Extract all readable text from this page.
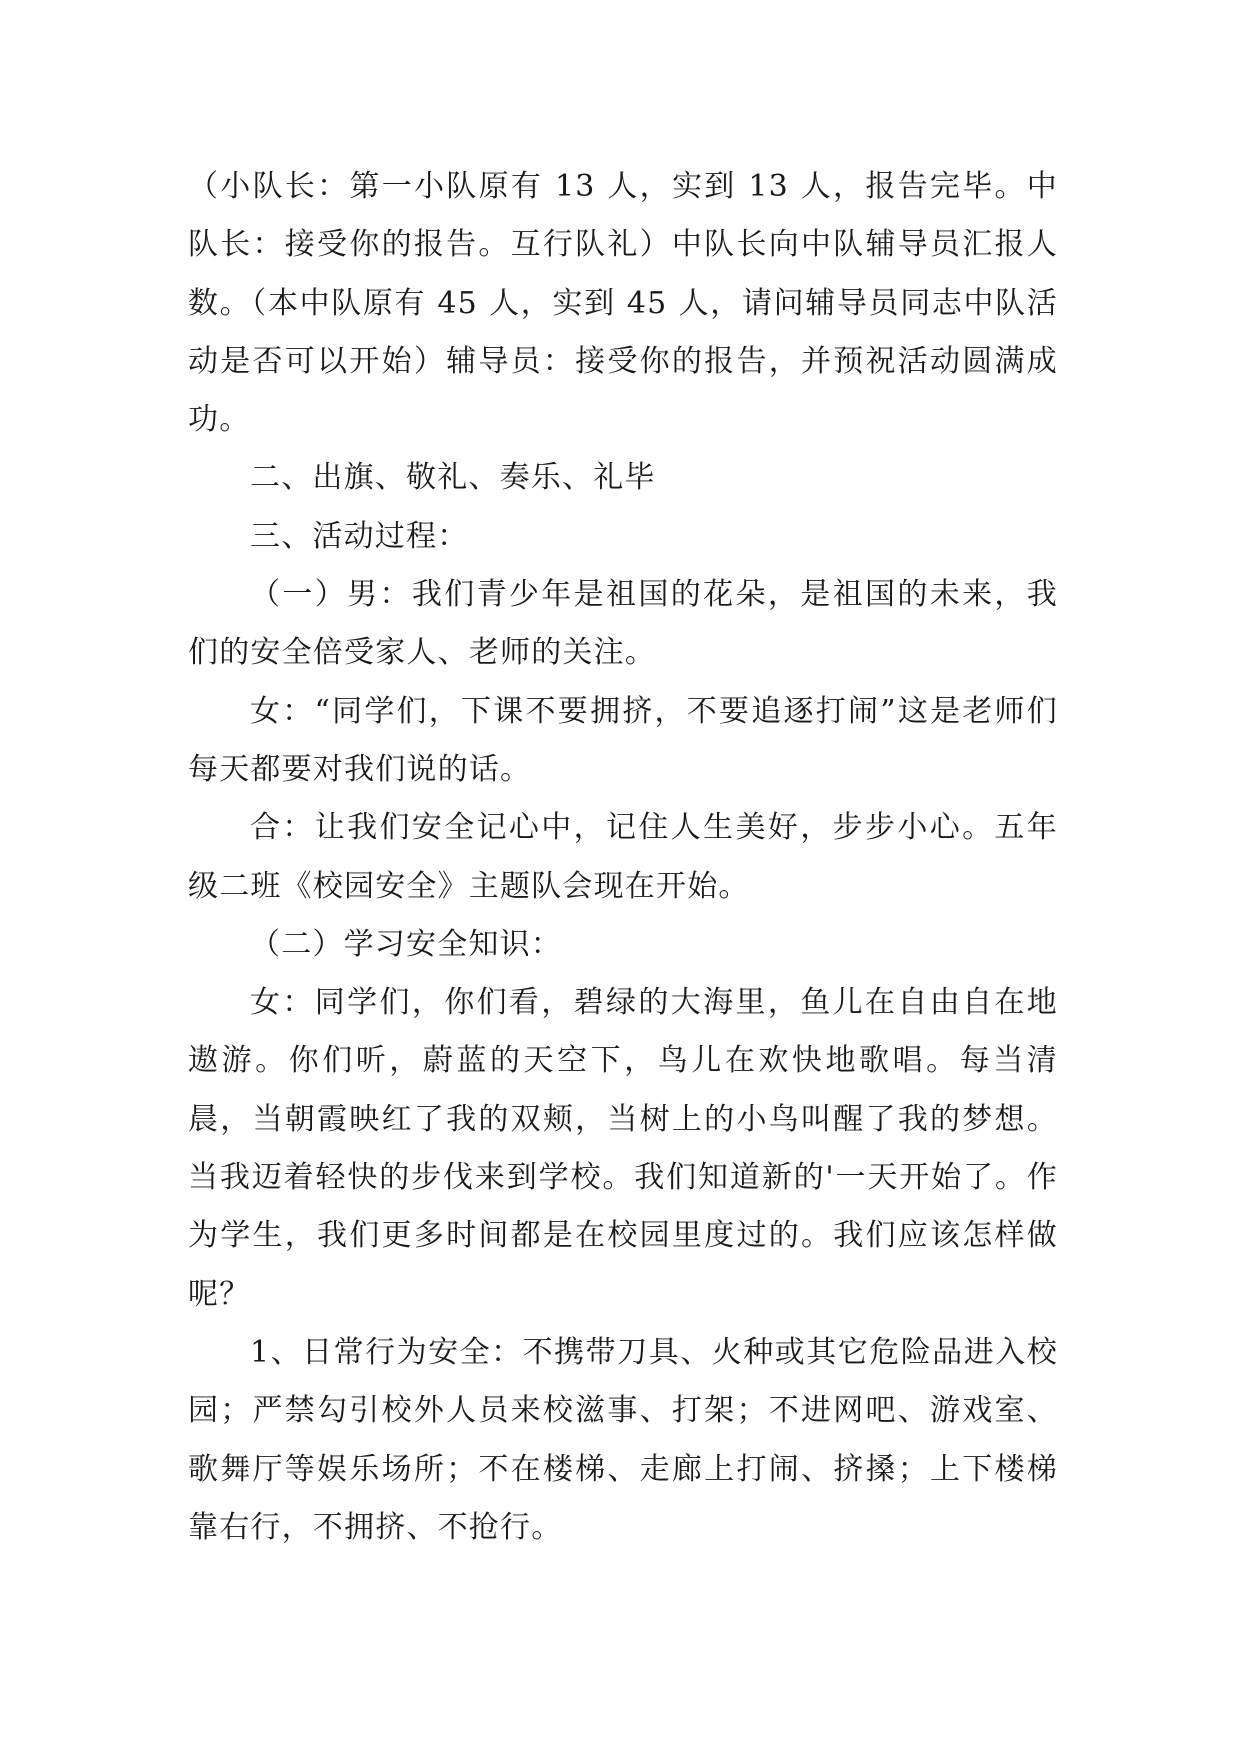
（小队长：第一小队原有 13 人，实到 13 人，报告完毕。中队长：接受你的报告。互行队礼）中队长向中队辅导员汇报人数。（本中队原有 45 人，实到 45 人，请问辅导员同志中队活动是否可以开始）辅导员：接受你的报告，并预祝活动圆满成功。

二、出旗、敬礼、奏乐、礼毕

三、活动过程：

（一）男：我们青少年是祖国的花朵，是祖国的未来，我们的安全倍受家人、老师的关注。

女：“同学们，下课不要拥挤，不要追逐打闹”这是老师们每天都要对我们说的话。

合：让我们安全记心中，记住人生美好，步步小心。五年级二班《校园安全》主题队会现在开始。

（二）学习安全知识：

女：同学们，你们看，碧绿的大海里，鱼儿在自由自在地遨游。你们听，蔚蓝的天空下，鸟儿在欢快地歌唱。每当清晨，当朝霞映红了我的双颊，当树上的小鸟叫醒了我的梦想。当我迈着轻快的步伐来到学校。我们知道新的'一天开始了。作为学生，我们更多时间都是在校园里度过的。我们应该怎样做呢？

1、日常行为安全：不携带刀具、火种或其它危险品进入校园；严禁勾引校外人员来校滋事、打架；不进网吧、游戏室、歌舞厅等娱乐场所；不在楼梯、走廊上打闹、挤搡；上下楼梯靠右行，不拥挤、不抢行。
